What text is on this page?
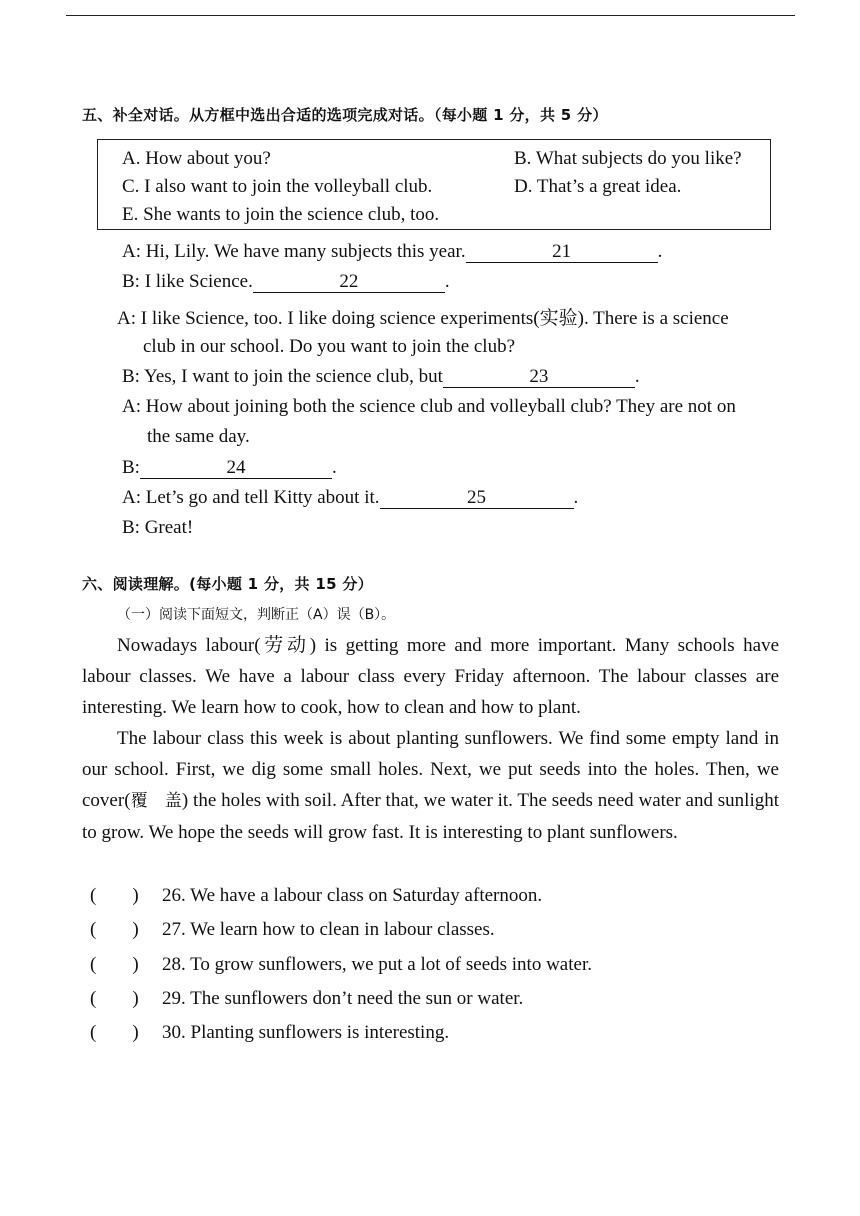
五、补全对话。从方框中选出合适的选项完成对话。（每小题 1 分，共 5 分）
A. How about you?	B. What subjects do you like?
C. I also want to join the volleyball club.	D. That’s a great idea.
E. She wants to join the science club, too.
A: Hi, Lily. We have many subjects this year.	21	.
B: I like Science.	22	.
A: I like Science, too. I like doing science experiments(实验). There is a science
club in our school. Do you want to join the club?
B: Yes, I want to join the science club, but	23	.
A: How about joining both the science club and volleyball club? They are not on
the same day.
B:	24	.
A: Let’s go and tell Kitty about it.	25	.
B: Great!
六、阅读理解。(每小题 1 分，共 15 分）
（一）阅读下面短文，判断正（A）误（B）。

Nowadays labour(劳动) is getting more and more important. Many schools have labour classes. We have a labour class every Friday afternoon. The labour classes are interesting. We learn how to cook, how to clean and how to plant.

The labour class this week is about planting sunflowers. We find some empty land in our school. First, we dig some small holes. Next, we put seeds into the holes. Then, we cover(覆　盖) the holes with soil. After that, we water it. The seeds need water and sunlight to grow. We hope the seeds will grow fast. It is interesting to plant sunflowers.

( ) 26. We have a labour class on Saturday afternoon.
( ) 27. We learn how to clean in labour classes.
( ) 28. To grow sunflowers, we put a lot of seeds into water.
( ) 29. The sunflowers don’t need the sun or water.
( ) 30. Planting sunflowers is interesting.
